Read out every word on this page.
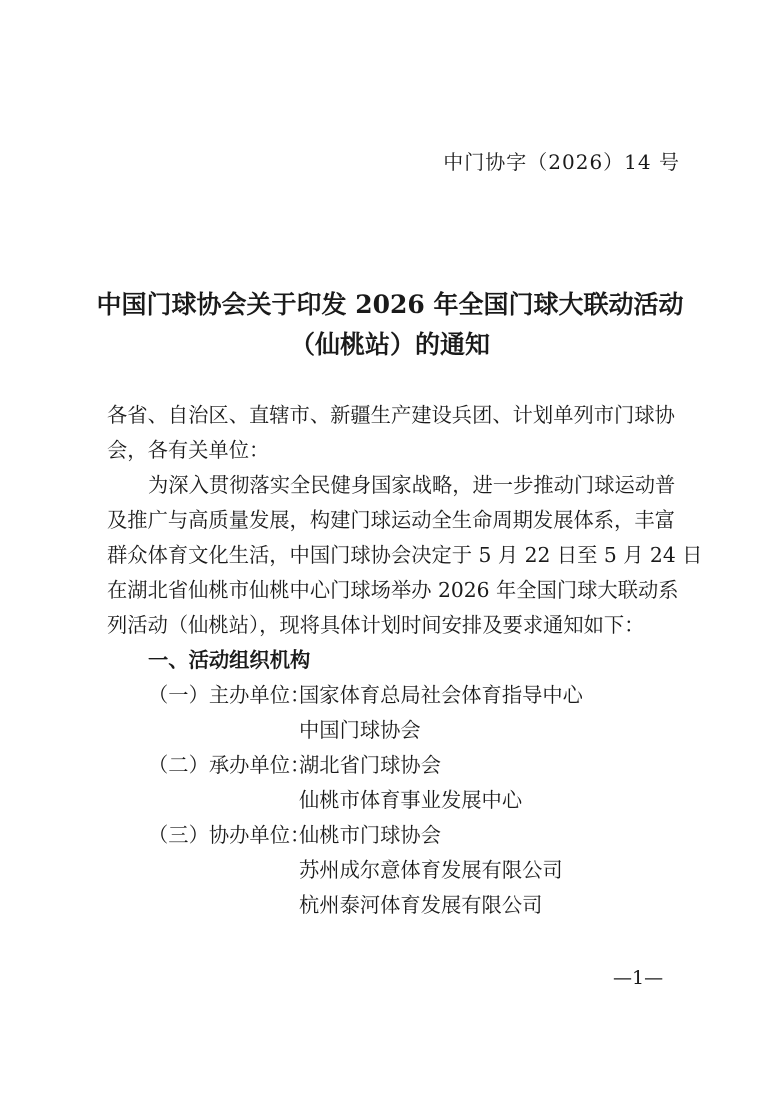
中门协字（2026）14 号
中国门球协会关于印发 2026 年全国门球大联动活动
（仙桃站）的通知
各省、自治区、直辖市、新疆生产建设兵团、计划单列市门球协
会，各有关单位：
为深入贯彻落实全民健身国家战略，进一步推动门球运动普
及推广与高质量发展，构建门球运动全生命周期发展体系，丰富
群众体育文化生活，中国门球协会决定于 5 月 22 日至 5 月 24 日
在湖北省仙桃市仙桃中心门球场举办 2026 年全国门球大联动系
列活动（仙桃站），现将具体计划时间安排及要求通知如下：
一、活动组织机构
（一）主办单位：
国家体育总局社会体育指导中心
中国门球协会
（二）承办单位：
湖北省门球协会
仙桃市体育事业发展中心
（三）协办单位：
仙桃市门球协会
苏州成尔意体育发展有限公司
杭州泰河体育发展有限公司
—1—
